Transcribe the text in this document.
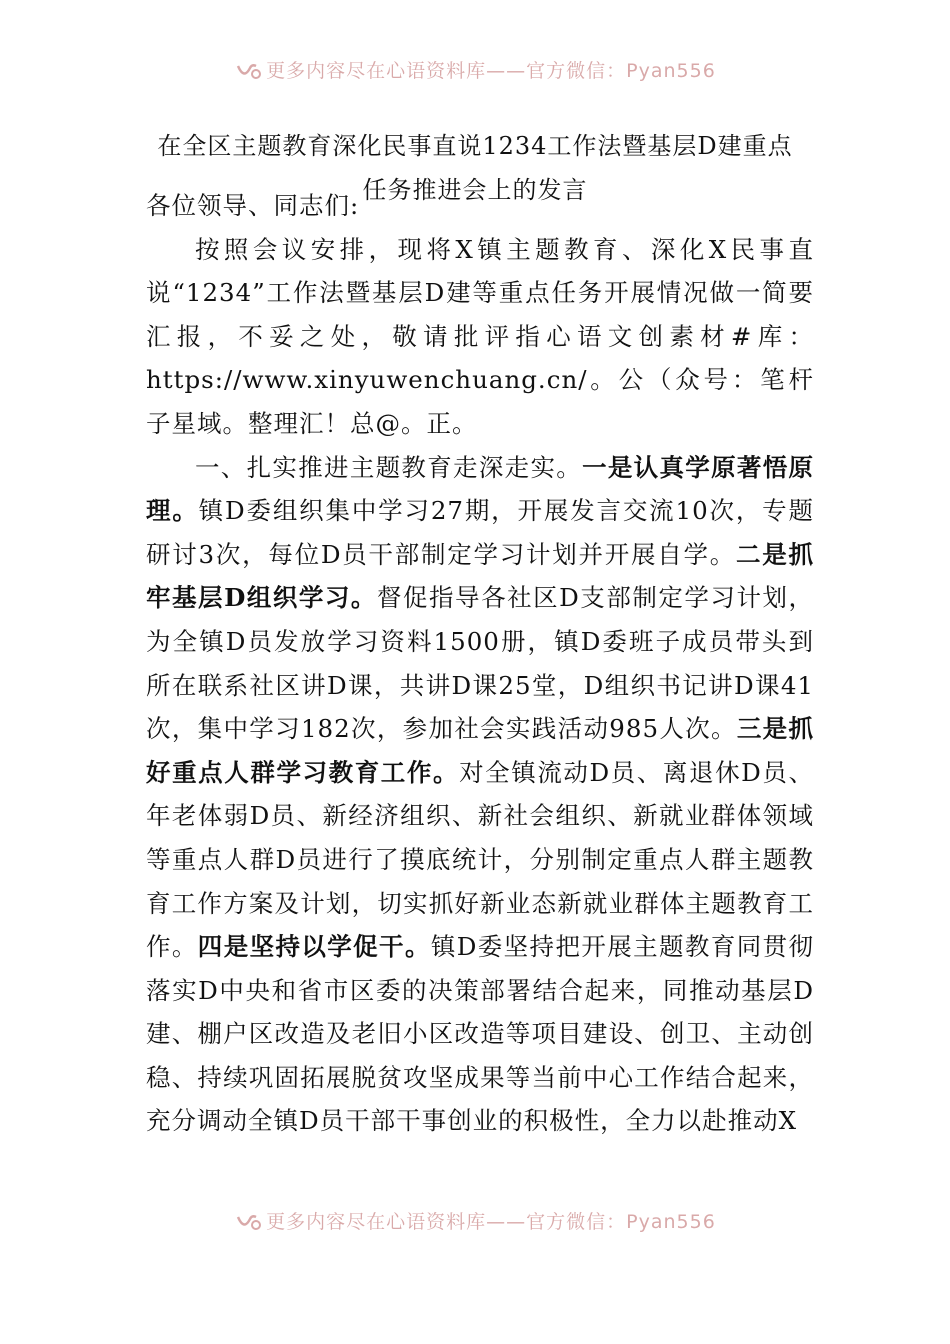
更多内容尽在心语资料库——官方微信：Pyan556
在全区主题教育深化民事直说1234工作法暨基层D建重点
任务推进会上的发言

各位领导、同志们:

按照会议安排，现将X镇主题教育、深化X民事直说“1234”工作法暨基层D建等重点任务开展情况做一简要汇报，不妥之处，敬请批评指心语文创素材#库：https://www.xinyuwenchuang.cn/。公（众号：笔杆子星域。整理汇！总@。正。

一、扎实推进主题教育走深走实。一是认真学原著悟原理。镇D委组织集中学习27期，开展发言交流10次，专题研讨3次，每位D员干部制定学习计划并开展自学。二是抓牢基层D组织学习。督促指导各社区D支部制定学习计划，为全镇D员发放学习资料1500册，镇D委班子成员带头到所在联系社区讲D课，共讲D课25堂，D组织书记讲D课41次，集中学习182次，参加社会实践活动985人次。三是抓好重点人群学习教育工作。对全镇流动D员、离退休D员、年老体弱D员、新经济组织、新社会组织、新就业群体领域等重点人群D员进行了摸底统计，分别制定重点人群主题教育工作方案及计划，切实抓好新业态新就业群体主题教育工作。四是坚持以学促干。镇D委坚持把开展主题教育同贯彻落实D中央和省市区委的决策部署结合起来，同推动基层D建、棚户区改造及老旧小区改造等项目建设、创卫、主动创稳、持续巩固拓展脱贫攻坚成果等当前中心工作结合起来，充分调动全镇D员干部干事创业的积极性，全力以赴推动X

更多内容尽在心语资料库——官方微信：Pyan556
